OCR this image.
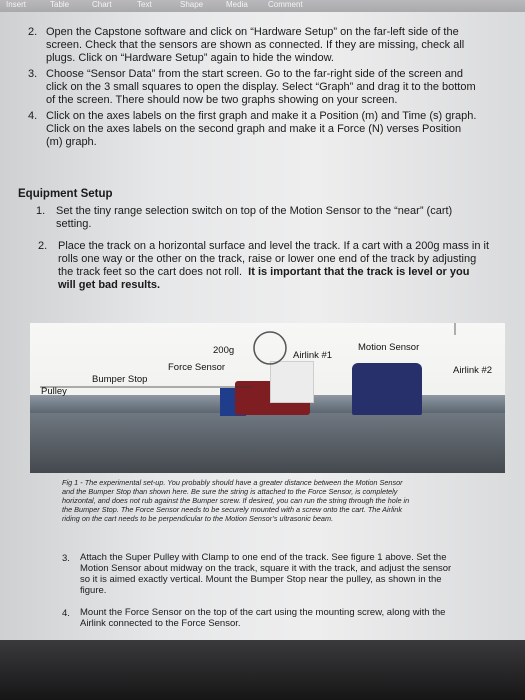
Insert	Table	Chart	Text	Shape	Media	Comment
2. Open the Capstone software and click on “Hardware Setup” on the far-left side of the
screen. Check that the sensors are shown as connected. If they are missing, check all
plugs. Click on “Hardware Setup” again to hide the window.
3. Choose “Sensor Data” from the start screen. Go to the far-right side of the screen and
click on the 3 small squares to open the display. Select “Graph” and drag it to the bottom
of the screen. There should now be two graphs showing on your screen.
4. Click on the axes labels on the first graph and make it a Position (m) and Time (s) graph.
Click on the axes labels on the second graph and make it a Force (N) verses Position
(m) graph.
Equipment Setup
1. Set the tiny range selection switch on top of the Motion Sensor to the “near” (cart)
setting.
2. Place the track on a horizontal surface and level the track. If a cart with a 200g mass in it
rolls one way or the other on the track, raise or lower one end of the track by adjusting
the track feet so the cart does not roll. It is important that the track is level or you
will get bad results.
200g	Airlink #1
Motion Sensor
Force Sensor	Airlink #2
Bumper Stop
Pulley
Fig 1 - The experimental set-up. You probably should have a greater distance between the Motion Sensor
and the Bumper Stop than shown here. Be sure the string is attached to the Force Sensor, is completely
horizontal, and does not rub against the Bumper screw. If desired, you can run the string through the hole in
the Bumper Stop. The Force Sensor needs to be securely mounted with a screw onto the cart. The Airlink
riding on the cart needs to be perpendicular to the Motion Sensor’s ultrasonic beam.
3. Attach the Super Pulley with Clamp to one end of the track. See figure 1 above. Set the
Motion Sensor about midway on the track, square it with the track, and adjust the sensor
so it is aimed exactly vertical. Mount the Bumper Stop near the pulley, as shown in the
figure.
4. Mount the Force Sensor on the top of the cart using the mounting screw, along with the
Airlink connected to the Force Sensor.
